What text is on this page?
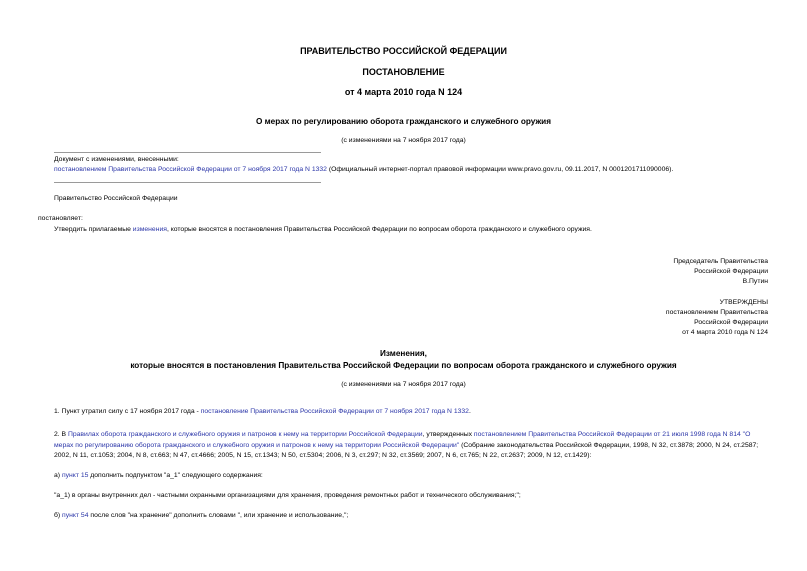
ПРАВИТЕЛЬСТВО РОССИЙСКОЙ ФЕДЕРАЦИИ
ПОСТАНОВЛЕНИЕ
от 4 марта 2010 года N 124
О мерах по регулированию оборота гражданского и служебного оружия
(с изменениями на 7 ноября 2017 года)
Документ с изменениями, внесенными:
постановлением Правительства Российской Федерации от 7 ноября 2017 года N 1332 (Официальный интернет-портал правовой информации www.pravo.gov.ru, 09.11.2017, N 0001201711090006).
Правительство Российской Федерации
постановляет:
Утвердить прилагаемые изменения, которые вносятся в постановления Правительства Российской Федерации по вопросам оборота гражданского и служебного оружия.
Председатель Правительства
Российской Федерации
В.Путин
УТВЕРЖДЕНЫ
постановлением Правительства
Российской Федерации
от 4 марта 2010 года N 124
Изменения,
которые вносятся в постановления Правительства Российской Федерации по вопросам оборота гражданского и служебного оружия
(с изменениями на 7 ноября 2017 года)
1. Пункт утратил силу с 17 ноября 2017 года - постановление Правительства Российской Федерации от 7 ноября 2017 года N 1332.
2. В Правилах оборота гражданского и служебного оружия и патронов к нему на территории Российской Федерации, утвержденных постановлением Правительства Российской Федерации от 21 июля 1998 года N 814 "О мерах по регулированию оборота гражданского и служебного оружия и патронов к нему на территории Российской Федерации" (Собрание законодательства Российской Федерации, 1998, N 32, ст.3878; 2000, N 24, ст.2587; 2002, N 11, ст.1053; 2004, N 8, ст.663; N 47, ст.4666; 2005, N 15, ст.1343; N 50, ст.5304; 2006, N 3, ст.297; N 32, ст.3569; 2007, N 6, ст.765; N 22, ст.2637; 2009, N 12, ст.1429):
а) пункт 15 дополнить подпунктом "а_1" следующего содержания:
"а_1) в органы внутренних дел - частными охранными организациями для хранения, проведения ремонтных работ и технического обслуживания;";
б) пункт 54 после слов "на хранение" дополнить словами ", или хранение и использование,";
